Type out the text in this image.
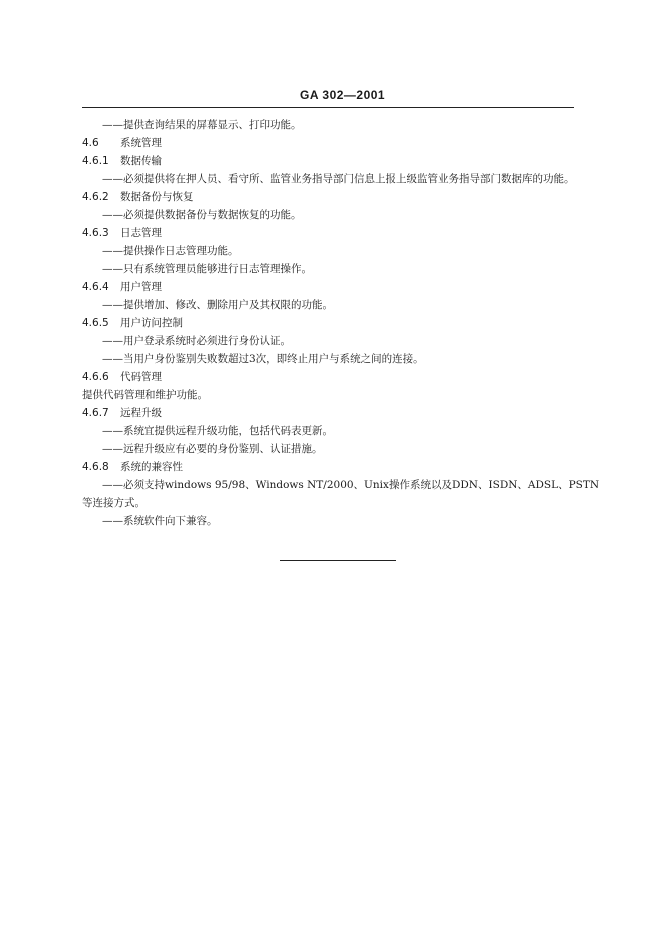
GA 302—2001
——提供查询结果的屏幕显示、打印功能。
4.6 系统管理
4.6.1 数据传输
——必须提供将在押人员、看守所、监管业务指导部门信息上报上级监管业务指导部门数据库的功能。
4.6.2 数据备份与恢复
——必须提供数据备份与数据恢复的功能。
4.6.3 日志管理
——提供操作日志管理功能。
——只有系统管理员能够进行日志管理操作。
4.6.4 用户管理
——提供增加、修改、删除用户及其权限的功能。
4.6.5 用户访问控制
——用户登录系统时必须进行身份认证。
——当用户身份鉴别失败数超过3次，即终止用户与系统之间的连接。
4.6.6 代码管理
提供代码管理和维护功能。
4.6.7 远程升级
——系统宜提供远程升级功能，包括代码表更新。
——远程升级应有必要的身份鉴别、认证措施。
4.6.8 系统的兼容性
——必须支持windows 95/98、Windows NT/2000、Unix操作系统以及DDN、ISDN、ADSL、PSTN等连接方式。
——系统软件向下兼容。
